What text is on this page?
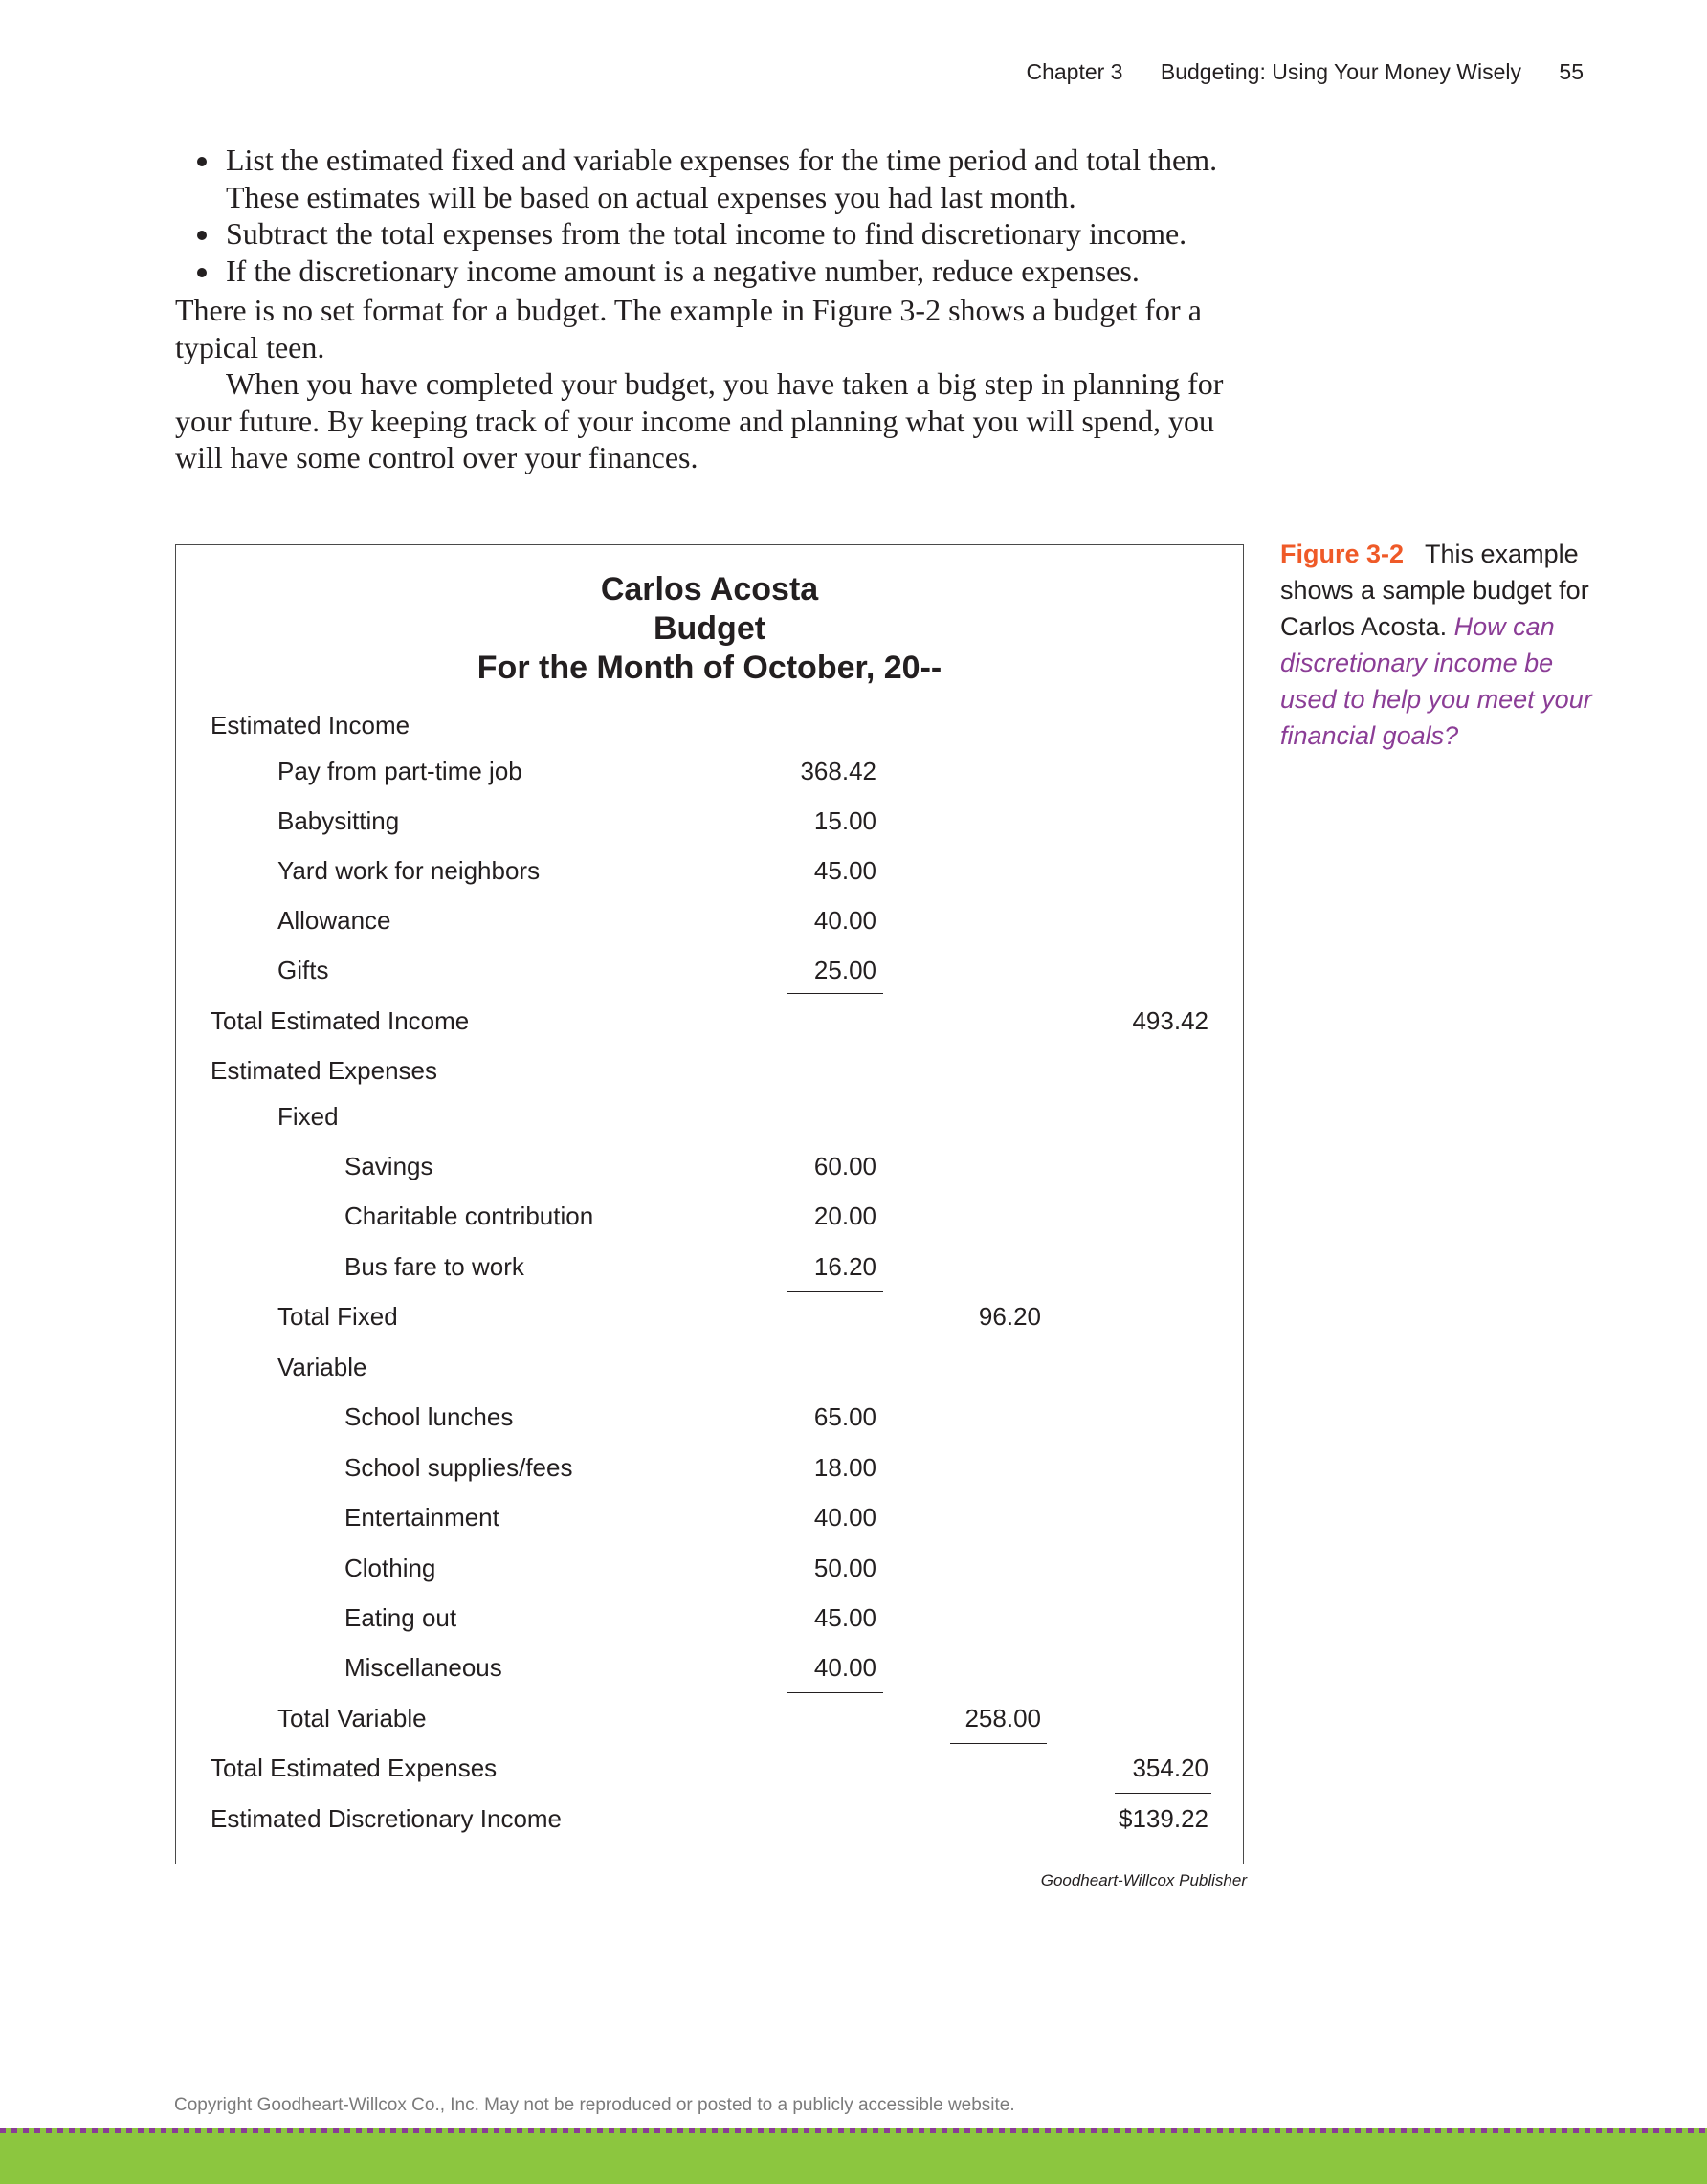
Chapter 3 Budgeting: Using Your Money Wisely 55
List the estimated fixed and variable expenses for the time period and total them. These estimates will be based on actual expenses you had last month.
Subtract the total expenses from the total income to find discretionary income.
If the discretionary income amount is a negative number, reduce expenses.

There is no set format for a budget. The example in Figure 3-2 shows a budget for a typical teen.

When you have completed your budget, you have taken a big step in planning for your future. By keeping track of your income and planning what you will spend, you will have some control over your finances.

Carlos Acosta
Budget
For the Month of October, 20--
Estimated Income
Pay from part-time job	368.42
Babysitting	15.00
Yard work for neighbors	45.00
Allowance	40.00
Gifts	25.00
Total Estimated Income	493.42
Estimated Expenses
Fixed
Savings	60.00
Charitable contribution	20.00
Bus fare to work	16.20
Total Fixed	96.20
Variable
School lunches	65.00
School supplies/fees	18.00
Entertainment	40.00
Clothing	50.00
Eating out	45.00
Miscellaneous	40.00
Total Variable	258.00
Total Estimated Expenses	354.20
Estimated Discretionary Income	$139.22
Goodheart-Willcox Publisher
Figure 3-2 This example shows a sample budget for Carlos Acosta. How can discretionary income be used to help you meet your financial goals?
Copyright Goodheart-Willcox Co., Inc. May not be reproduced or posted to a publicly accessible website.
